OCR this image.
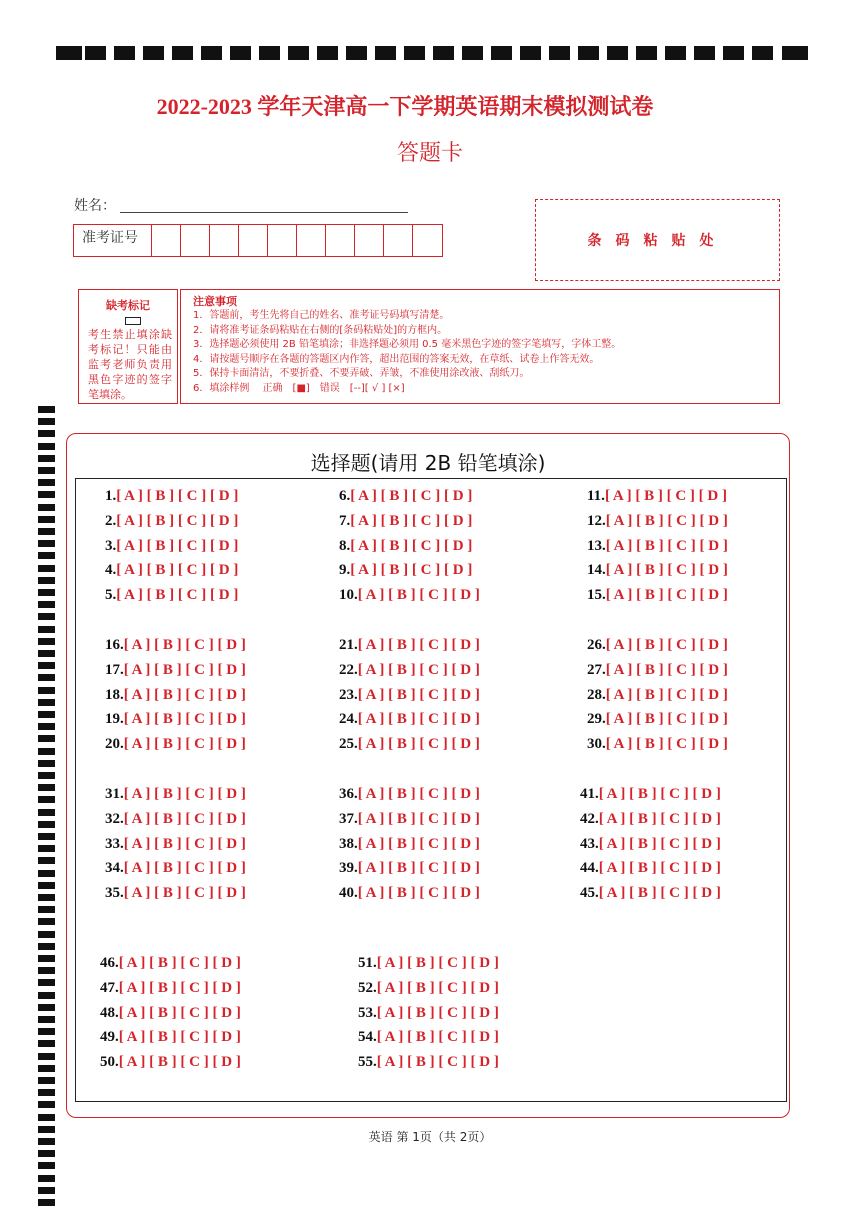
2022-2023 学年天津高一下学期英语期末模拟测试卷
答题卡
姓名：
准考证号	条码粘贴处
缺考标记
考生禁止填涂缺考标记！只能由监考老师负责用黑色字迹的签字笔填涂。
注意事项
1．答题前，考生先将自己的姓名、准考证号码填写清楚。
2．请将准考证条码粘贴在右侧的[条码粘贴处]的方框内。
3．选择题必须使用 2B 铅笔填涂；非选择题必须用 0.5 毫米黑色字迹的签字笔填写，字体工整。
4．请按题号顺序在各题的答题区内作答，超出范围的答案无效，在草纸、试卷上作答无效。
5．保持卡面清洁，不要折叠、不要弄破、弄皱，不准使用涂改液、刮纸刀。
6．填涂样例　 正确　[■]　错误　[--][ √ ] [×]
选择题(请用 2B 铅笔填涂)
英语 第 1页（共 2页）
1.[ A ] [ B ] [ C ] [ D ]
2.[ A ] [ B ] [ C ] [ D ]
3.[ A ] [ B ] [ C ] [ D ]
4.[ A ] [ B ] [ C ] [ D ]
5.[ A ] [ B ] [ C ] [ D ]
6.[ A ] [ B ] [ C ] [ D ]
7.[ A ] [ B ] [ C ] [ D ]
8.[ A ] [ B ] [ C ] [ D ]
9.[ A ] [ B ] [ C ] [ D ]
10.[ A ] [ B ] [ C ] [ D ]
11.[ A ] [ B ] [ C ] [ D ]
12.[ A ] [ B ] [ C ] [ D ]
13.[ A ] [ B ] [ C ] [ D ]
14.[ A ] [ B ] [ C ] [ D ]
15.[ A ] [ B ] [ C ] [ D ]
16.[ A ] [ B ] [ C ] [ D ]
17.[ A ] [ B ] [ C ] [ D ]
18.[ A ] [ B ] [ C ] [ D ]
19.[ A ] [ B ] [ C ] [ D ]
20.[ A ] [ B ] [ C ] [ D ]
21.[ A ] [ B ] [ C ] [ D ]
22.[ A ] [ B ] [ C ] [ D ]
23.[ A ] [ B ] [ C ] [ D ]
24.[ A ] [ B ] [ C ] [ D ]
25.[ A ] [ B ] [ C ] [ D ]
26.[ A ] [ B ] [ C ] [ D ]
27.[ A ] [ B ] [ C ] [ D ]
28.[ A ] [ B ] [ C ] [ D ]
29.[ A ] [ B ] [ C ] [ D ]
30.[ A ] [ B ] [ C ] [ D ]
31.[ A ] [ B ] [ C ] [ D ]
32.[ A ] [ B ] [ C ] [ D ]
33.[ A ] [ B ] [ C ] [ D ]
34.[ A ] [ B ] [ C ] [ D ]
35.[ A ] [ B ] [ C ] [ D ]
36.[ A ] [ B ] [ C ] [ D ]
37.[ A ] [ B ] [ C ] [ D ]
38.[ A ] [ B ] [ C ] [ D ]
39.[ A ] [ B ] [ C ] [ D ]
40.[ A ] [ B ] [ C ] [ D ]
41.[ A ] [ B ] [ C ] [ D ]
42.[ A ] [ B ] [ C ] [ D ]
43.[ A ] [ B ] [ C ] [ D ]
44.[ A ] [ B ] [ C ] [ D ]
45.[ A ] [ B ] [ C ] [ D ]
46.[ A ] [ B ] [ C ] [ D ]
47.[ A ] [ B ] [ C ] [ D ]
48.[ A ] [ B ] [ C ] [ D ]
49.[ A ] [ B ] [ C ] [ D ]
50.[ A ] [ B ] [ C ] [ D ]
51.[ A ] [ B ] [ C ] [ D ]
52.[ A ] [ B ] [ C ] [ D ]
53.[ A ] [ B ] [ C ] [ D ]
54.[ A ] [ B ] [ C ] [ D ]
55.[ A ] [ B ] [ C ] [ D ]
